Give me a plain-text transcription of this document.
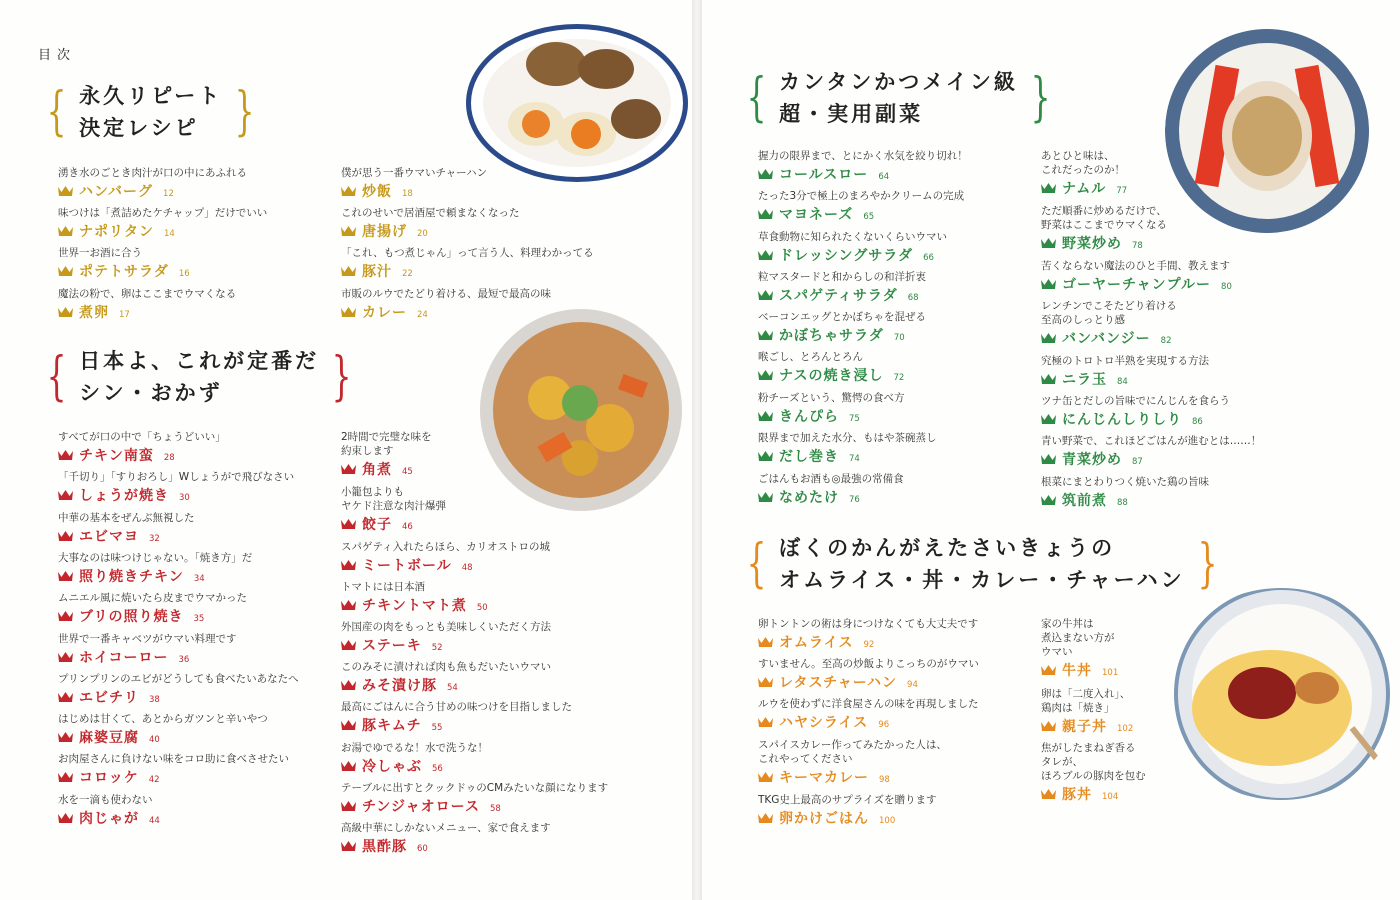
目次
{ 永久リピート
決定レシピ }
{ 日本よ、これが定番だ
シン・おかず	}
{ カンタンかつメイン級
超・実用副菜	}
{ ぼくのかんがえたさいきょうの
オムライス・丼・カレー・チャーハン }
湧き水のごとき肉汁が口の中にあふれる
ハンバーグ 12
味つけは「煮詰めたケチャップ」だけでいい
ナポリタン 14
世界一お酒に合う
ポテトサラダ 16
魔法の粉で、卵はここまでウマくなる
煮卵 17
僕が思う一番ウマいチャーハン
炒飯 18
これのせいで居酒屋で頼まなくなった
唐揚げ 20
「これ、もつ煮じゃん」って言う人、料理わかってる
豚汁 22
市販のルウでたどり着ける、最短で最高の味
カレー 24
すべてが口の中で「ちょうどいい」
チキン南蛮 28
「千切り」「すりおろし」Wしょうがで飛びなさい
しょうが焼き 30
中華の基本をぜんぶ無視した
エビマヨ 32
大事なのは味つけじゃない。「焼き方」だ
照り焼きチキン 34
ムニエル風に焼いたら皮までウマかった
ブリの照り焼き 35
世界で一番キャベツがウマい料理です
ホイコーロー 36
プリンプリンのエビがどうしても食べたいあなたへ
エビチリ 38
はじめは甘くて、あとからガツンと辛いやつ
麻婆豆腐 40
お肉屋さんに負けない味をコロ助に食べさせたい
コロッケ 42
水を一滴も使わない
肉じゃが 44
2時間で完璧な味を
約束します
角煮 45
小籠包よりも
ヤケド注意な肉汁爆弾
餃子 46
スパゲティ入れたらほら、カリオストロの城
ミートボール 48
トマトには日本酒
チキントマト煮 50
外国産の肉をもっとも美味しくいただく方法
ステーキ 52
このみそに漬ければ肉も魚もだいたいウマい
みそ漬け豚 54
最高にごはんに合う甘めの味つけを目指しました
豚キムチ 55
お湯でゆでるな！水で洗うな！
冷しゃぶ 56
テーブルに出すとクックドゥのCMみたいな顔になります
チンジャオロース 58
高級中華にしかないメニュー、家で食えます
黒酢豚 60
握力の限界まで、とにかく水気を絞り切れ！
コールスロー 64
たった3分で極上のまろやかクリームの完成
マヨネーズ 65
草食動物に知られたくないくらいウマい
ドレッシングサラダ 66
粒マスタードと和からしの和洋折衷
スパゲティサラダ 68
ベーコンエッグとかぼちゃを混ぜる
かぼちゃサラダ 70
喉ごし、とろんとろん
ナスの焼き浸し 72
粉チーズという、驚愕の食べ方
きんぴら 75
限界まで加えた水分、もはや茶碗蒸し
だし巻き 74
ごはんもお酒も◎最強の常備食
なめたけ 76
あとひと味は、
これだったのか！
ナムル 77
ただ順番に炒めるだけで、
野菜はここまでウマくなる
野菜炒め 78
苦くならない魔法のひと手間、教えます
ゴーヤーチャンプルー 80
レンチンでこそたどり着ける
至高のしっとり感
バンバンジー 82
究極のトロトロ半熟を実現する方法
ニラ玉 84
ツナ缶とだしの旨味でにんじんを食らう
にんじんしりしり 86
青い野菜で、これほどごはんが進むとは……！
青菜炒め 87
根菜にまとわりつく焼いた鶏の旨味
筑前煮 88
卵トントンの術は身につけなくても大丈夫です
オムライス 92
すいません。至高の炒飯よりこっちのがウマい
レタスチャーハン 94
ルウを使わずに洋食屋さんの味を再現しました
ハヤシライス 96
スパイスカレー作ってみたかった人は、
これやってください
キーマカレー 98
TKG史上最高のサプライズを贈ります
卵かけごはん 100
家の牛丼は
煮込まない方が
ウマい
牛丼 101
卵は「二度入れ」、
鶏肉は「焼き」
親子丼 102
焦がしたまねぎ香る
タレが、
ほろブルの豚肉を包む
豚丼 104
